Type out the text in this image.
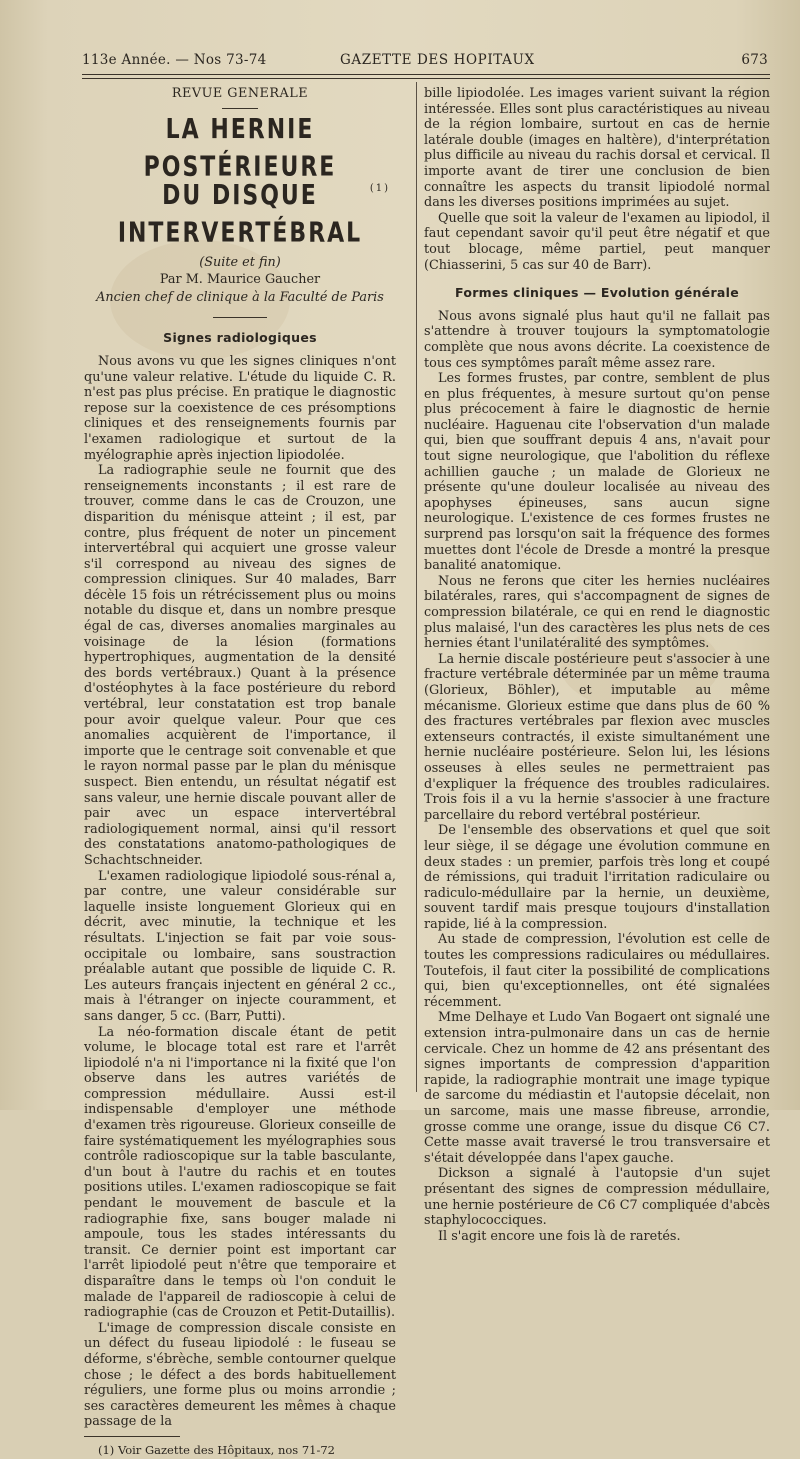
113e Année. — Nos 73-74	GAZETTE DES HOPITAUX	673
REVUE GENERALE
LA HERNIE POSTÉRIEURE
DU DISQUE INTERVERTÉBRAL
(1)
(Suite et fin)
Par M. Maurice Gaucher
Ancien chef de clinique à la Faculté de Paris
Signes radiologiques

Nous avons vu que les signes cliniques n'ont qu'une valeur relative. L'étude du liquide C. R. n'est pas plus précise. En pratique le diagnostic repose sur la coexistence de ces présomptions cliniques et des renseignements fournis par l'examen radiologique et surtout de la myélographie après injection lipiodolée.

La radiographie seule ne fournit que des renseignements inconstants ; il est rare de trouver, comme dans le cas de Crouzon, une disparition du ménisque atteint ; il est, par contre, plus fréquent de noter un pincement intervertébral qui acquiert une grosse valeur s'il correspond au niveau des signes de compression cliniques. Sur 40 malades, Barr décèle 15 fois un rétrécissement plus ou moins notable du disque et, dans un nombre presque égal de cas, diverses anomalies marginales au voisinage de la lésion (formations hypertrophiques, augmentation de la densité des bords vertébraux.) Quant à la présence d'ostéophytes à la face postérieure du rebord vertébral, leur constatation est trop banale pour avoir quelque valeur. Pour que ces anomalies acquièrent de l'importance, il importe que le centrage soit convenable et que le rayon normal passe par le plan du ménisque suspect. Bien entendu, un résultat négatif est sans valeur, une hernie discale pouvant aller de pair avec un espace intervertébral radiologiquement normal, ainsi qu'il ressort des constatations anatomo-pathologiques de Schachtschneider.

L'examen radiologique lipiodolé sous-rénal a, par contre, une valeur considérable sur laquelle insiste longuement Glorieux qui en décrit, avec minutie, la technique et les résultats. L'injection se fait par voie sous-occipitale ou lombaire, sans soustraction préalable autant que possible de liquide C. R. Les auteurs français injectent en général 2 cc., mais à l'étranger on injecte couramment, et sans danger, 5 cc. (Barr, Putti).

La néo-formation discale étant de petit volume, le blocage total est rare et l'arrêt lipiodolé n'a ni l'importance ni la fixité que l'on observe dans les autres variétés de compression médullaire. Aussi est-il indispensable d'employer une méthode d'examen très rigoureuse. Glorieux conseille de faire systématiquement les myélographies sous contrôle radioscopique sur la table basculante, d'un bout à l'autre du rachis et en toutes positions utiles. L'examen radioscopique se fait pendant le mouvement de bascule et la radiographie fixe, sans bouger malade ni ampoule, tous les stades intéressants du transit. Ce dernier point est important car l'arrêt lipiodolé peut n'être que temporaire et disparaître dans le temps où l'on conduit le malade de l'appareil de radioscopie à celui de radiographie (cas de Crouzon et Petit-Dutaillis).

L'image de compression discale consiste en un défect du fuseau lipiodolé : le fuseau se déforme, s'ébrèche, semble contourner quelque chose ; le défect a des bords habituellement réguliers, une forme plus ou moins arrondie ; ses caractères demeurent les mêmes à chaque passage de la

(1) Voir Gazette des Hôpitaux, nos 71-72

bille lipiodolée. Les images varient suivant la région intéressée. Elles sont plus caractéristiques au niveau de la région lombaire, surtout en cas de hernie latérale double (images en haltère), d'interprétation plus difficile au niveau du rachis dorsal et cervical. Il importe avant de tirer une conclusion de bien connaître les aspects du transit lipiodolé normal dans les diverses positions imprimées au sujet.

Quelle que soit la valeur de l'examen au lipiodol, il faut cependant savoir qu'il peut être négatif et que tout blocage, même partiel, peut manquer (Chiasserini, 5 cas sur 40 de Barr).

Formes cliniques — Evolution générale

Nous avons signalé plus haut qu'il ne fallait pas s'attendre à trouver toujours la symptomatologie complète que nous avons décrite. La coexistence de tous ces symptômes paraît même assez rare.

Les formes frustes, par contre, semblent de plus en plus fréquentes, à mesure surtout qu'on pense plus précocement à faire le diagnostic de hernie nucléaire. Haguenau cite l'observation d'un malade qui, bien que souffrant depuis 4 ans, n'avait pour tout signe neurologique, que l'abolition du réflexe achillien gauche ; un malade de Glorieux ne présente qu'une douleur localisée au niveau des apophyses épineuses, sans aucun signe neurologique. L'existence de ces formes frustes ne surprend pas lorsqu'on sait la fréquence des formes muettes dont l'école de Dresde a montré la presque banalité anatomique.

Nous ne ferons que citer les hernies nucléaires bilatérales, rares, qui s'accompagnent de signes de compression bilatérale, ce qui en rend le diagnostic plus malaisé, l'un des caractères les plus nets de ces hernies étant l'unilatéralité des symptômes.

La hernie discale postérieure peut s'associer à une fracture vertébrale déterminée par un même trauma (Glorieux, Böhler), et imputable au même mécanisme. Glorieux estime que dans plus de 60 % des fractures vertébrales par flexion avec muscles extenseurs contractés, il existe simultanément une hernie nucléaire postérieure. Selon lui, les lésions osseuses à elles seules ne permettraient pas d'expliquer la fréquence des troubles radiculaires. Trois fois il a vu la hernie s'associer à une fracture parcellaire du rebord vertébral postérieur.

De l'ensemble des observations et quel que soit leur siège, il se dégage une évolution commune en deux stades : un premier, parfois très long et coupé de rémissions, qui traduit l'irritation radiculaire ou radiculo-médullaire par la hernie, un deuxième, souvent tardif mais presque toujours d'installation rapide, lié à la compression.

Au stade de compression, l'évolution est celle de toutes les compressions radiculaires ou médullaires. Toutefois, il faut citer la possibilité de complications qui, bien qu'exceptionnelles, ont été signalées récemment.

Mme Delhaye et Ludo Van Bogaert ont signalé une extension intra-pulmonaire dans un cas de hernie cervicale. Chez un homme de 42 ans présentant des signes importants de compression d'apparition rapide, la radiographie montrait une image typique de sarcome du médiastin et l'autopsie décelait, non un sarcome, mais une masse fibreuse, arrondie, grosse comme une orange, issue du disque C6 C7. Cette masse avait traversé le trou transversaire et s'était développée dans l'apex gauche.

Dickson a signalé à l'autopsie d'un sujet présentant des signes de compression médullaire, une hernie postérieure de C6 C7 compliquée d'abcès staphylococciques.

Il s'agit encore une fois là de raretés.
